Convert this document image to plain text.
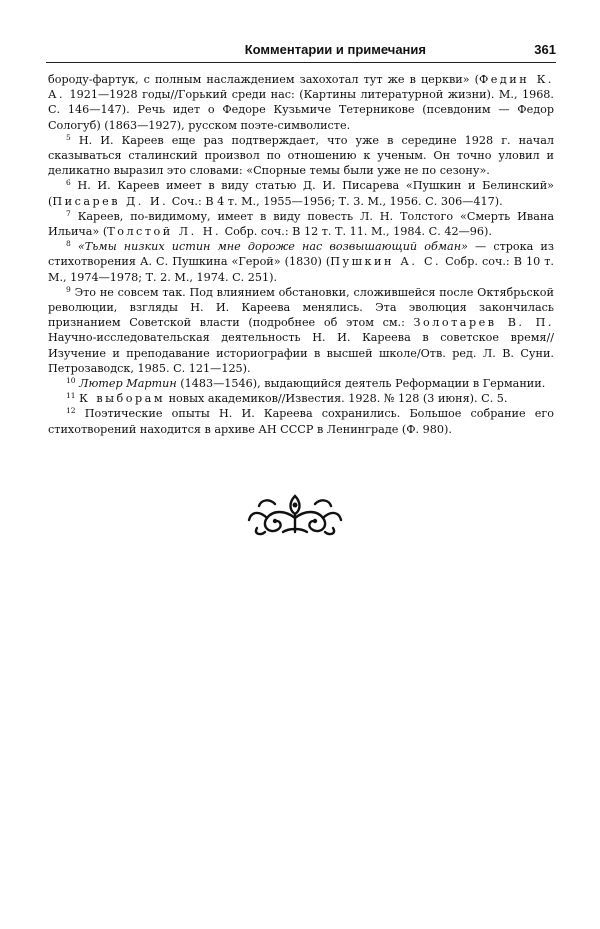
Комментарии и примечания	361

бороду-фартук, с полным наслаждением захохотал тут же в церкви» (Федин К. А. 1921—1928 годы//Горький среди нас: (Картины литературной жизни). М., 1968. С. 146—147). Речь идет о Федоре Кузьмиче Тетерникове (псевдоним — Федор Сологуб) (1863—1927), русском поэте-символисте.

$^5$ Н. И. Кареев еще раз подтверждает, что уже в середине 1928 г. начал сказываться сталинский произвол по отношению к ученым. Он точно уловил и деликатно выразил это словами: «Спорные темы были уже не по сезону».

$^6$ Н. И. Кареев имеет в виду статью Д. И. Писарева «Пушкин и Белинский» (Писарев Д. И. Соч.: В 4 т. М., 1955—1956; Т. 3. М., 1956. С. 306—417).

$^7$ Кареев, по-видимому, имеет в виду повесть Л. Н. Толстого «Смерть Ивана Ильича» (Толстой Л. Н. Собр. соч.: В 12 т. Т. 11. М., 1984. С. 42—96).

$^8$ «Тьмы низких истин мне дороже нас возвышающий обман» — строка из стихотворения А. С. Пушкина «Герой» (1830) (Пушкин А. С. Собр. соч.: В 10 т. М., 1974—1978; Т. 2. М., 1974. С. 251).

$^9$ Это не совсем так. Под влиянием обстановки, сложившейся после Октябрьской революции, взгляды Н. И. Кареева менялись. Эта эволюция закончилась признанием Советской власти (подробнее об этом см.: Золотарев В. П. Научно-исследовательская деятельность Н. И. Кареева в советское время//Изучение и преподавание историографии в высшей школе/Отв. ред. Л. В. Суни. Петрозаводск, 1985. С. 121—125).

$^{10}$ Лютер Мартин (1483—1546), выдающийся деятель Реформации в Германии.

$^{11}$ К выборам новых академиков//Известия. 1928. № 128 (3 июня). С. 5.

$^{12}$ Поэтические опыты Н. И. Кареева сохранились. Большое собрание его стихотворений находится в архиве АН СССР в Ленинграде (Ф. 980).
